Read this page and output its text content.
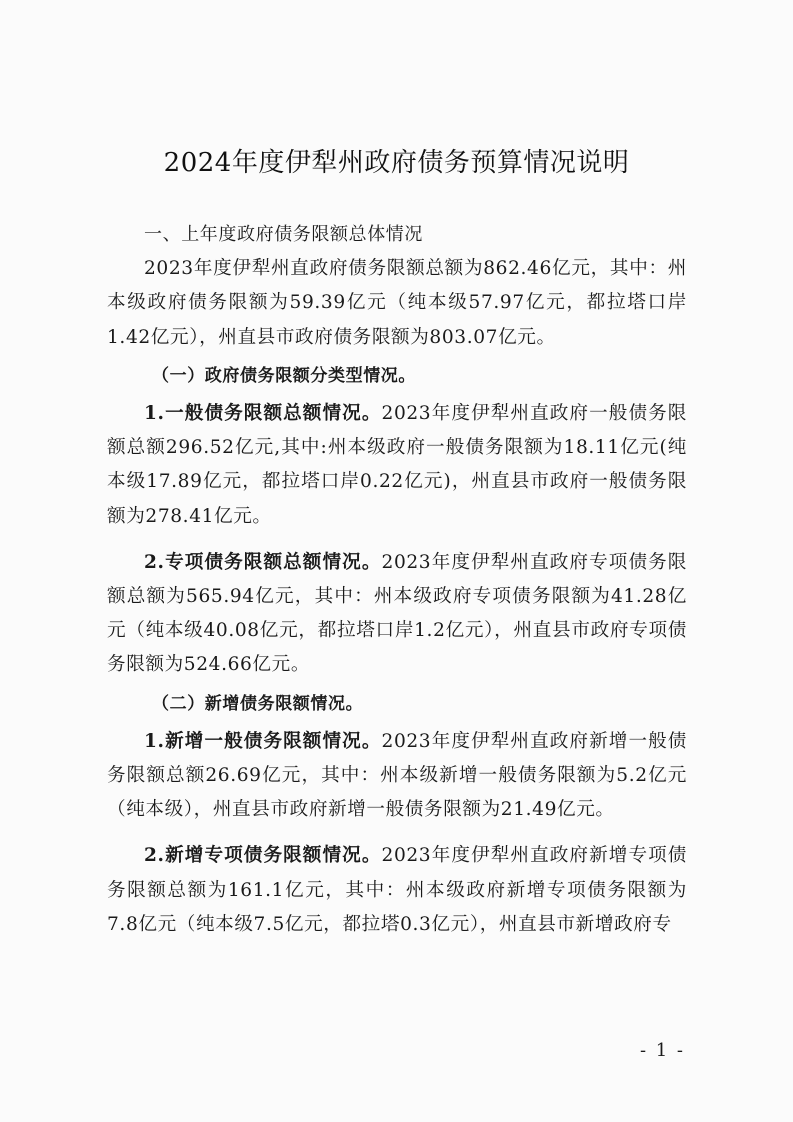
2024年度伊犁州政府债务预算情况说明

一、上年度政府债务限额总体情况

2023年度伊犁州直政府债务限额总额为862.46亿元，其中：州本级政府债务限额为59.39亿元（纯本级57.97亿元，都拉塔口岸1.42亿元），州直县市政府债务限额为803.07亿元。

（一）政府债务限额分类型情况。

1.一般债务限额总额情况。2023年度伊犁州直政府一般债务限额总额296.52亿元,其中:州本级政府一般债务限额为18.11亿元(纯本级17.89亿元，都拉塔口岸0.22亿元)，州直县市政府一般债务限额为278.41亿元。

2.专项债务限额总额情况。2023年度伊犁州直政府专项债务限额总额为565.94亿元，其中：州本级政府专项债务限额为41.28亿元（纯本级40.08亿元，都拉塔口岸1.2亿元），州直县市政府专项债务限额为524.66亿元。

（二）新增债务限额情况。

1.新增一般债务限额情况。2023年度伊犁州直政府新增一般债务限额总额26.69亿元，其中：州本级新增一般债务限额为5.2亿元（纯本级），州直县市政府新增一般债务限额为21.49亿元。

2.新增专项债务限额情况。2023年度伊犁州直政府新增专项债务限额总额为161.1亿元，其中：州本级政府新增专项债务限额为7.8亿元（纯本级7.5亿元，都拉塔0.3亿元），州直县市新增政府专

- 1 -
